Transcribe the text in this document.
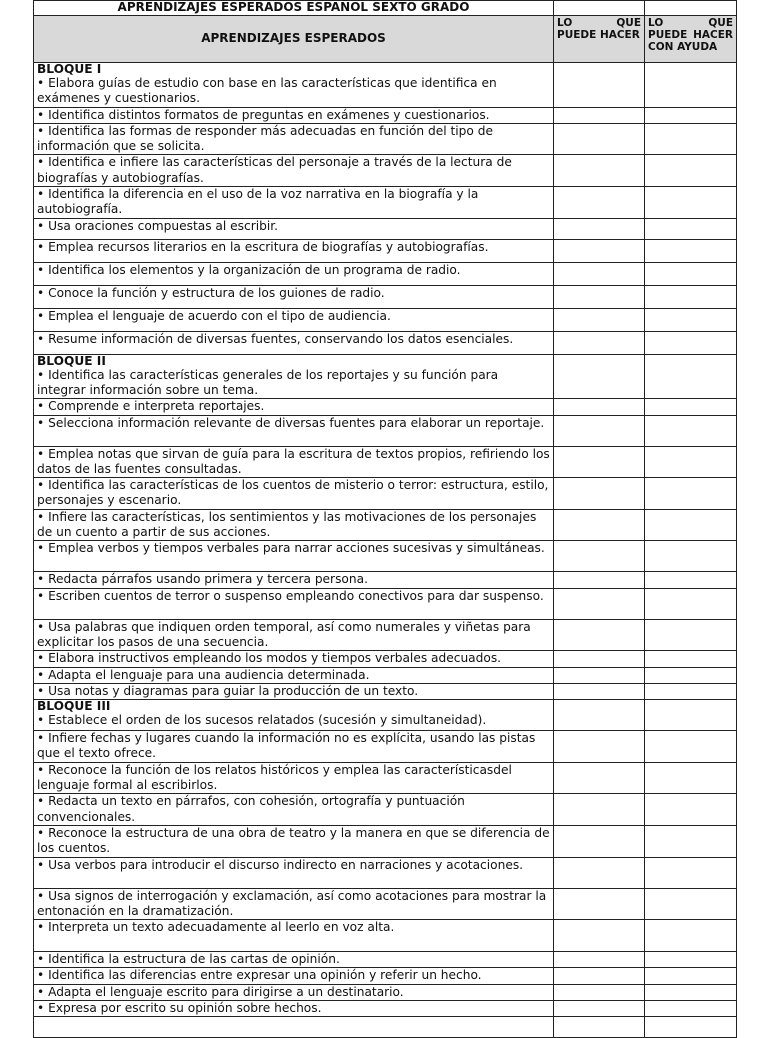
APRENDIZAJES ESPERADOS ESPAÑOL SEXTO GRADO		
APRENDIZAJES ESPERADOS	LO QUE PUEDE HACER	LO QUE PUEDE HACER CON AYUDA

BLOQUE I
• Elabora guías de estudio con base en las características que identifica en exámenes y cuestionarios.		
• Identifica distintos formatos de preguntas en exámenes y cuestionarios.		
• Identifica las formas de responder más adecuadas en función del tipo de información que se solicita.		
• Identifica e infiere las características del personaje a través de la lectura de biografías y autobiografías.		
• Identifica la diferencia en el uso de la voz narrativa en la biografía y la autobiografía.		
• Usa oraciones compuestas al escribir.		
• Emplea recursos literarios en la escritura de biografías y autobiografías.		
• Identifica los elementos y la organización de un programa de radio.		
• Conoce la función y estructura de los guiones de radio.		
• Emplea el lenguaje de acuerdo con el tipo de audiencia.		
• Resume información de diversas fuentes, conservando los datos esenciales.		

BLOQUE II
• Identifica las características generales de los reportajes y su función para integrar información sobre un tema.		
• Comprende e interpreta reportajes.		
• Selecciona información relevante de diversas fuentes para elaborar un reportaje.		
• Emplea notas que sirvan de guía para la escritura de textos propios, refiriendo los datos de las fuentes consultadas.		
• Identifica las características de los cuentos de misterio o terror: estructura, estilo, personajes y escenario.		
• Infiere las características, los sentimientos y las motivaciones de los personajes de un cuento a partir de sus acciones.		
• Emplea verbos y tiempos verbales para narrar acciones sucesivas y simultáneas.		
• Redacta párrafos usando primera y tercera persona.		
• Escriben cuentos de terror o suspenso empleando conectivos para dar suspenso.		
• Usa palabras que indiquen orden temporal, así como numerales y viñetas para explicitar los pasos de una secuencia.		
• Elabora instructivos empleando los modos y tiempos verbales adecuados.		
• Adapta el lenguaje para una audiencia determinada.		
• Usa notas y diagramas para guiar la producción de un texto.		

BLOQUE III
• Establece el orden de los sucesos relatados (sucesión y simultaneidad).		
• Infiere fechas y lugares cuando la información no es explícita, usando las pistas que el texto ofrece.		
• Reconoce la función de los relatos históricos y emplea las característicasdel lenguaje formal al escribirlos.		
• Redacta un texto en párrafos, con cohesión, ortografía y puntuación convencionales.		
• Reconoce la estructura de una obra de teatro y la manera en que se diferencia de los cuentos.		
• Usa verbos para introducir el discurso indirecto en narraciones y acotaciones.		
• Usa signos de interrogación y exclamación, así como acotaciones para mostrar la entonación en la dramatización.		
• Interpreta un texto adecuadamente al leerlo en voz alta.		
• Identifica la estructura de las cartas de opinión.		
• Identifica las diferencias entre expresar una opinión y referir un hecho.		
• Adapta el lenguaje escrito para dirigirse a un destinatario.		
• Expresa por escrito su opinión sobre hechos.		
